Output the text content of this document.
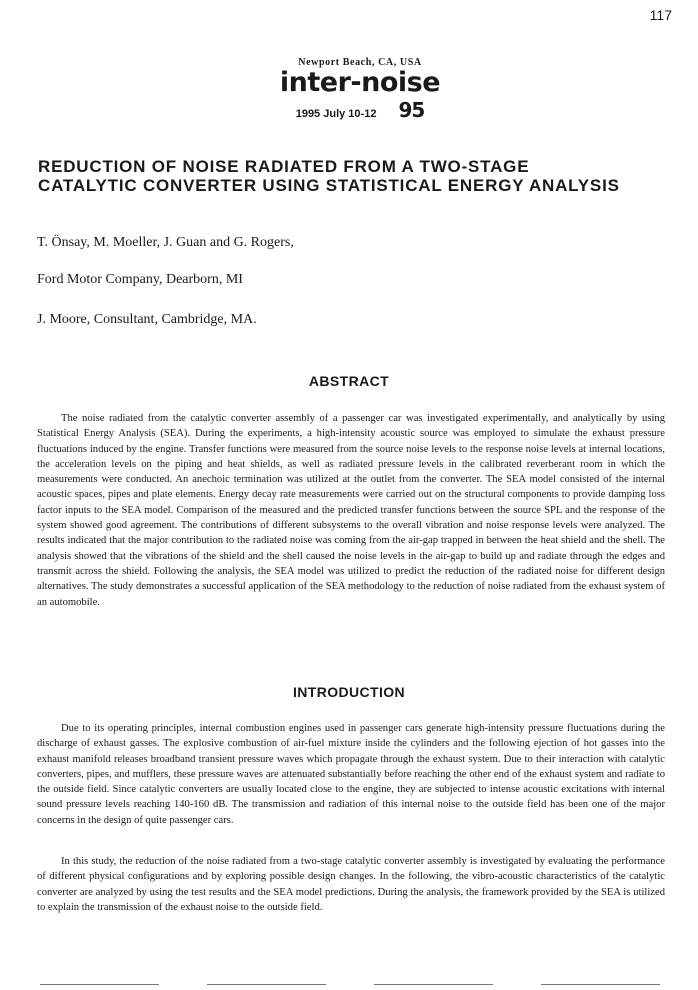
117
Newport Beach, CA, USA
inter-noise
1995 July 10-12 95
REDUCTION OF NOISE RADIATED FROM A TWO-STAGE CATALYTIC CONVERTER USING STATISTICAL ENERGY ANALYSIS
T. Önsay, M. Moeller, J. Guan and G. Rogers,
Ford Motor Company, Dearborn, MI
J. Moore, Consultant, Cambridge, MA.
ABSTRACT

The noise radiated from the catalytic converter assembly of a passenger car was investigated experimentally, and analytically by using Statistical Energy Analysis (SEA). During the experiments, a high-intensity acoustic source was employed to simulate the exhaust pressure fluctuations induced by the engine. Transfer functions were measured from the source noise levels to the response noise levels at internal locations, the acceleration levels on the piping and heat shields, as well as radiated pressure levels in the calibrated reverberant room in which the measurements were conducted. An anechoic termination was utilized at the outlet from the converter. The SEA model consisted of the internal acoustic spaces, pipes and plate elements. Energy decay rate measurements were carried out on the structural components to provide damping loss factor inputs to the SEA model. Comparison of the measured and the predicted transfer functions between the source SPL and the response of the system showed good agreement. The contributions of different subsystems to the overall vibration and noise response levels were analyzed. The results indicated that the major contribution to the radiated noise was coming from the air-gap trapped in between the heat shield and the shell. The analysis showed that the vibrations of the shield and the shell caused the noise levels in the air-gap to build up and radiate through the edges and transmit across the shield. Following the analysis, the SEA model was utilized to predict the reduction of the radiated noise for different design alternatives. The study demonstrates a successful application of the SEA methodology to the reduction of noise radiated from the exhaust system of an automobile.

INTRODUCTION

Due to its operating principles, internal combustion engines used in passenger cars generate high-intensity pressure fluctuations during the discharge of exhaust gasses. The explosive combustion of air-fuel mixture inside the cylinders and the following ejection of hot gasses into the exhaust manifold releases broadband transient pressure waves which propagate through the exhaust system. Due to their interaction with catalytic converters, pipes, and mufflers, these pressure waves are attenuated substantially before reaching the other end of the exhaust system and radiate to the outside field. Since catalytic converters are usually located close to the engine, they are subjected to intense acoustic excitations with internal sound pressure levels reaching 140-160 dB. The transmission and radiation of this internal noise to the outside field has been one of the major concerns in the design of quite passenger cars.

In this study, the reduction of the noise radiated from a two-stage catalytic converter assembly is investigated by evaluating the performance of different physical configurations and by exploring possible design changes. In the following, the vibro-acoustic characteristics of the catalytic converter are analyzed by using the test results and the SEA model predictions. During the analysis, the framework provided by the SEA is utilized to explain the transmission of the exhaust noise to the outside field.
